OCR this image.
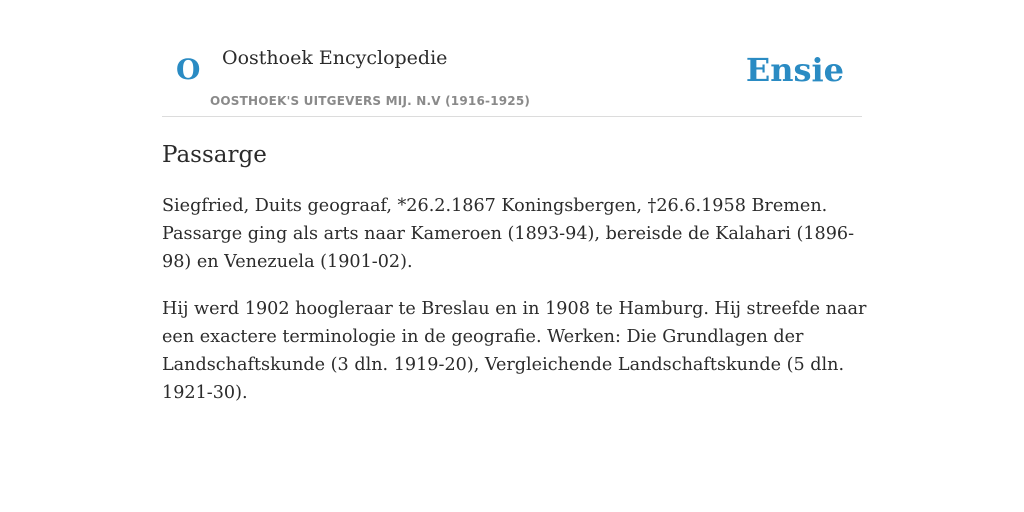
O Oosthoek Encyclopedie
OOSTHOEK'S UITGEVERS MIJ. N.V (1916-1925)
Ensie
Passarge

Siegfried, Duits geograaf, *26.2.1867 Koningsbergen, †26.6.1958 Bremen. Passarge ging als arts naar Kameroen (1893-94), bereisde de Kalahari (1896-98) en Venezuela (1901-02).

Hij werd 1902 hoogleraar te Breslau en in 1908 te Hamburg. Hij streefde naar een exactere terminologie in de geografie. Werken: Die Grundlagen der Landschaftskunde (3 dln. 1919-20), Vergleichende Landschaftskunde (5 dln. 1921-30).
